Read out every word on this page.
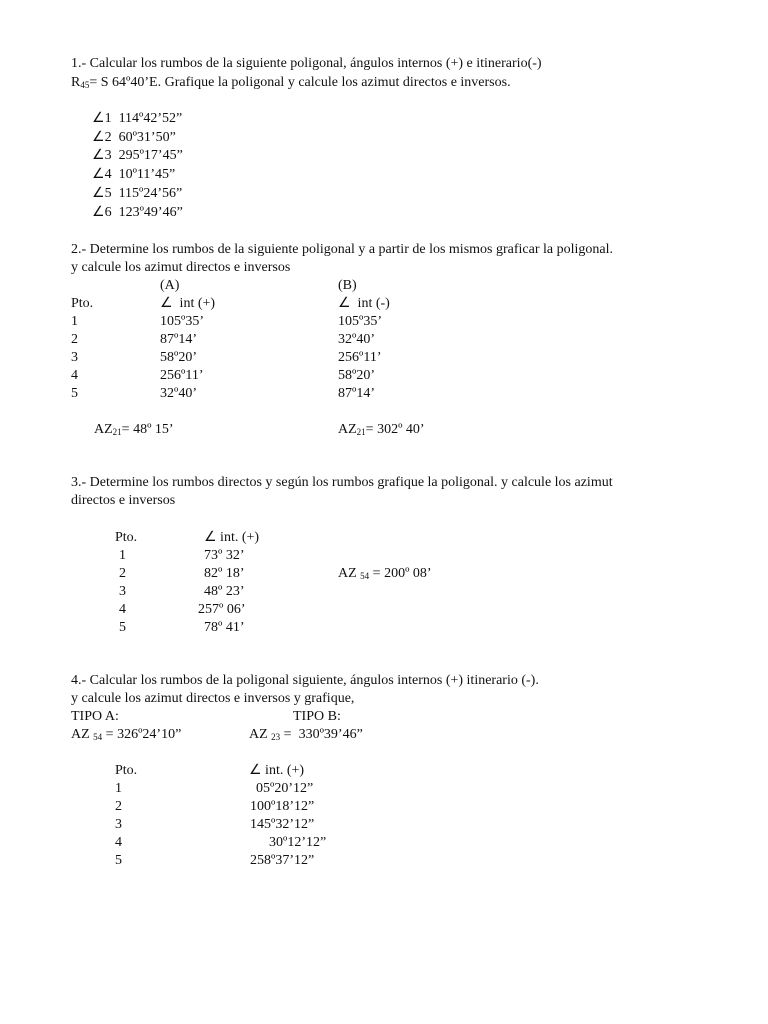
1.- Calcular los rumbos de la siguiente poligonal, ángulos internos (+) e itinerario(-)
$R_{45}= S$ 64º40’E. Grafique la poligonal y calcule los azimut directos e inversos.
∠1 114º42’52”
∠2 60º31’50”
∠3 295º17’45”
∠4 10º11’45”
∠5 115º24’56”
∠6 123º49’46”
2.- Determine los rumbos de la siguiente poligonal y a partir de los mismos graficar la poligonal.
y calcule los azimut directos e inversos
(A)	(B)
Pto.	∠  int (+)	∠  int (-)
1	105º35’	105º35’
2	87º14’	32º40’
3	58º20’	256º11’
4	256º11’	58º20’
5	32º40’	87º14’
$AZ_{21}=$ 48º 15’	$AZ_{21}=$ 302º 40’
3.- Determine los rumbos directos y según los rumbos grafique la poligonal. y calcule los azimut
directos e inversos
Pto.	∠ int. (+)
1	73º 32’
2	82º 18’
3	48º 23’
4	257º 06’
5	78º 41’
AZ $_{54}$ = 200º 08’
4.- Calcular los rumbos de la poligonal siguiente, ángulos internos (+) itinerario (-).
y calcule los azimut directos e inversos y grafique,
TIPO A:	TIPO B:
AZ $_{54}$ = 326º24’10”	AZ $_{23}$ =  330º39’46”
Pto.	∠ int. (+)
1	05º20’12”
2	100º18’12”
3	145º32’12”
4	30º12’12”
5	258º37’12”
